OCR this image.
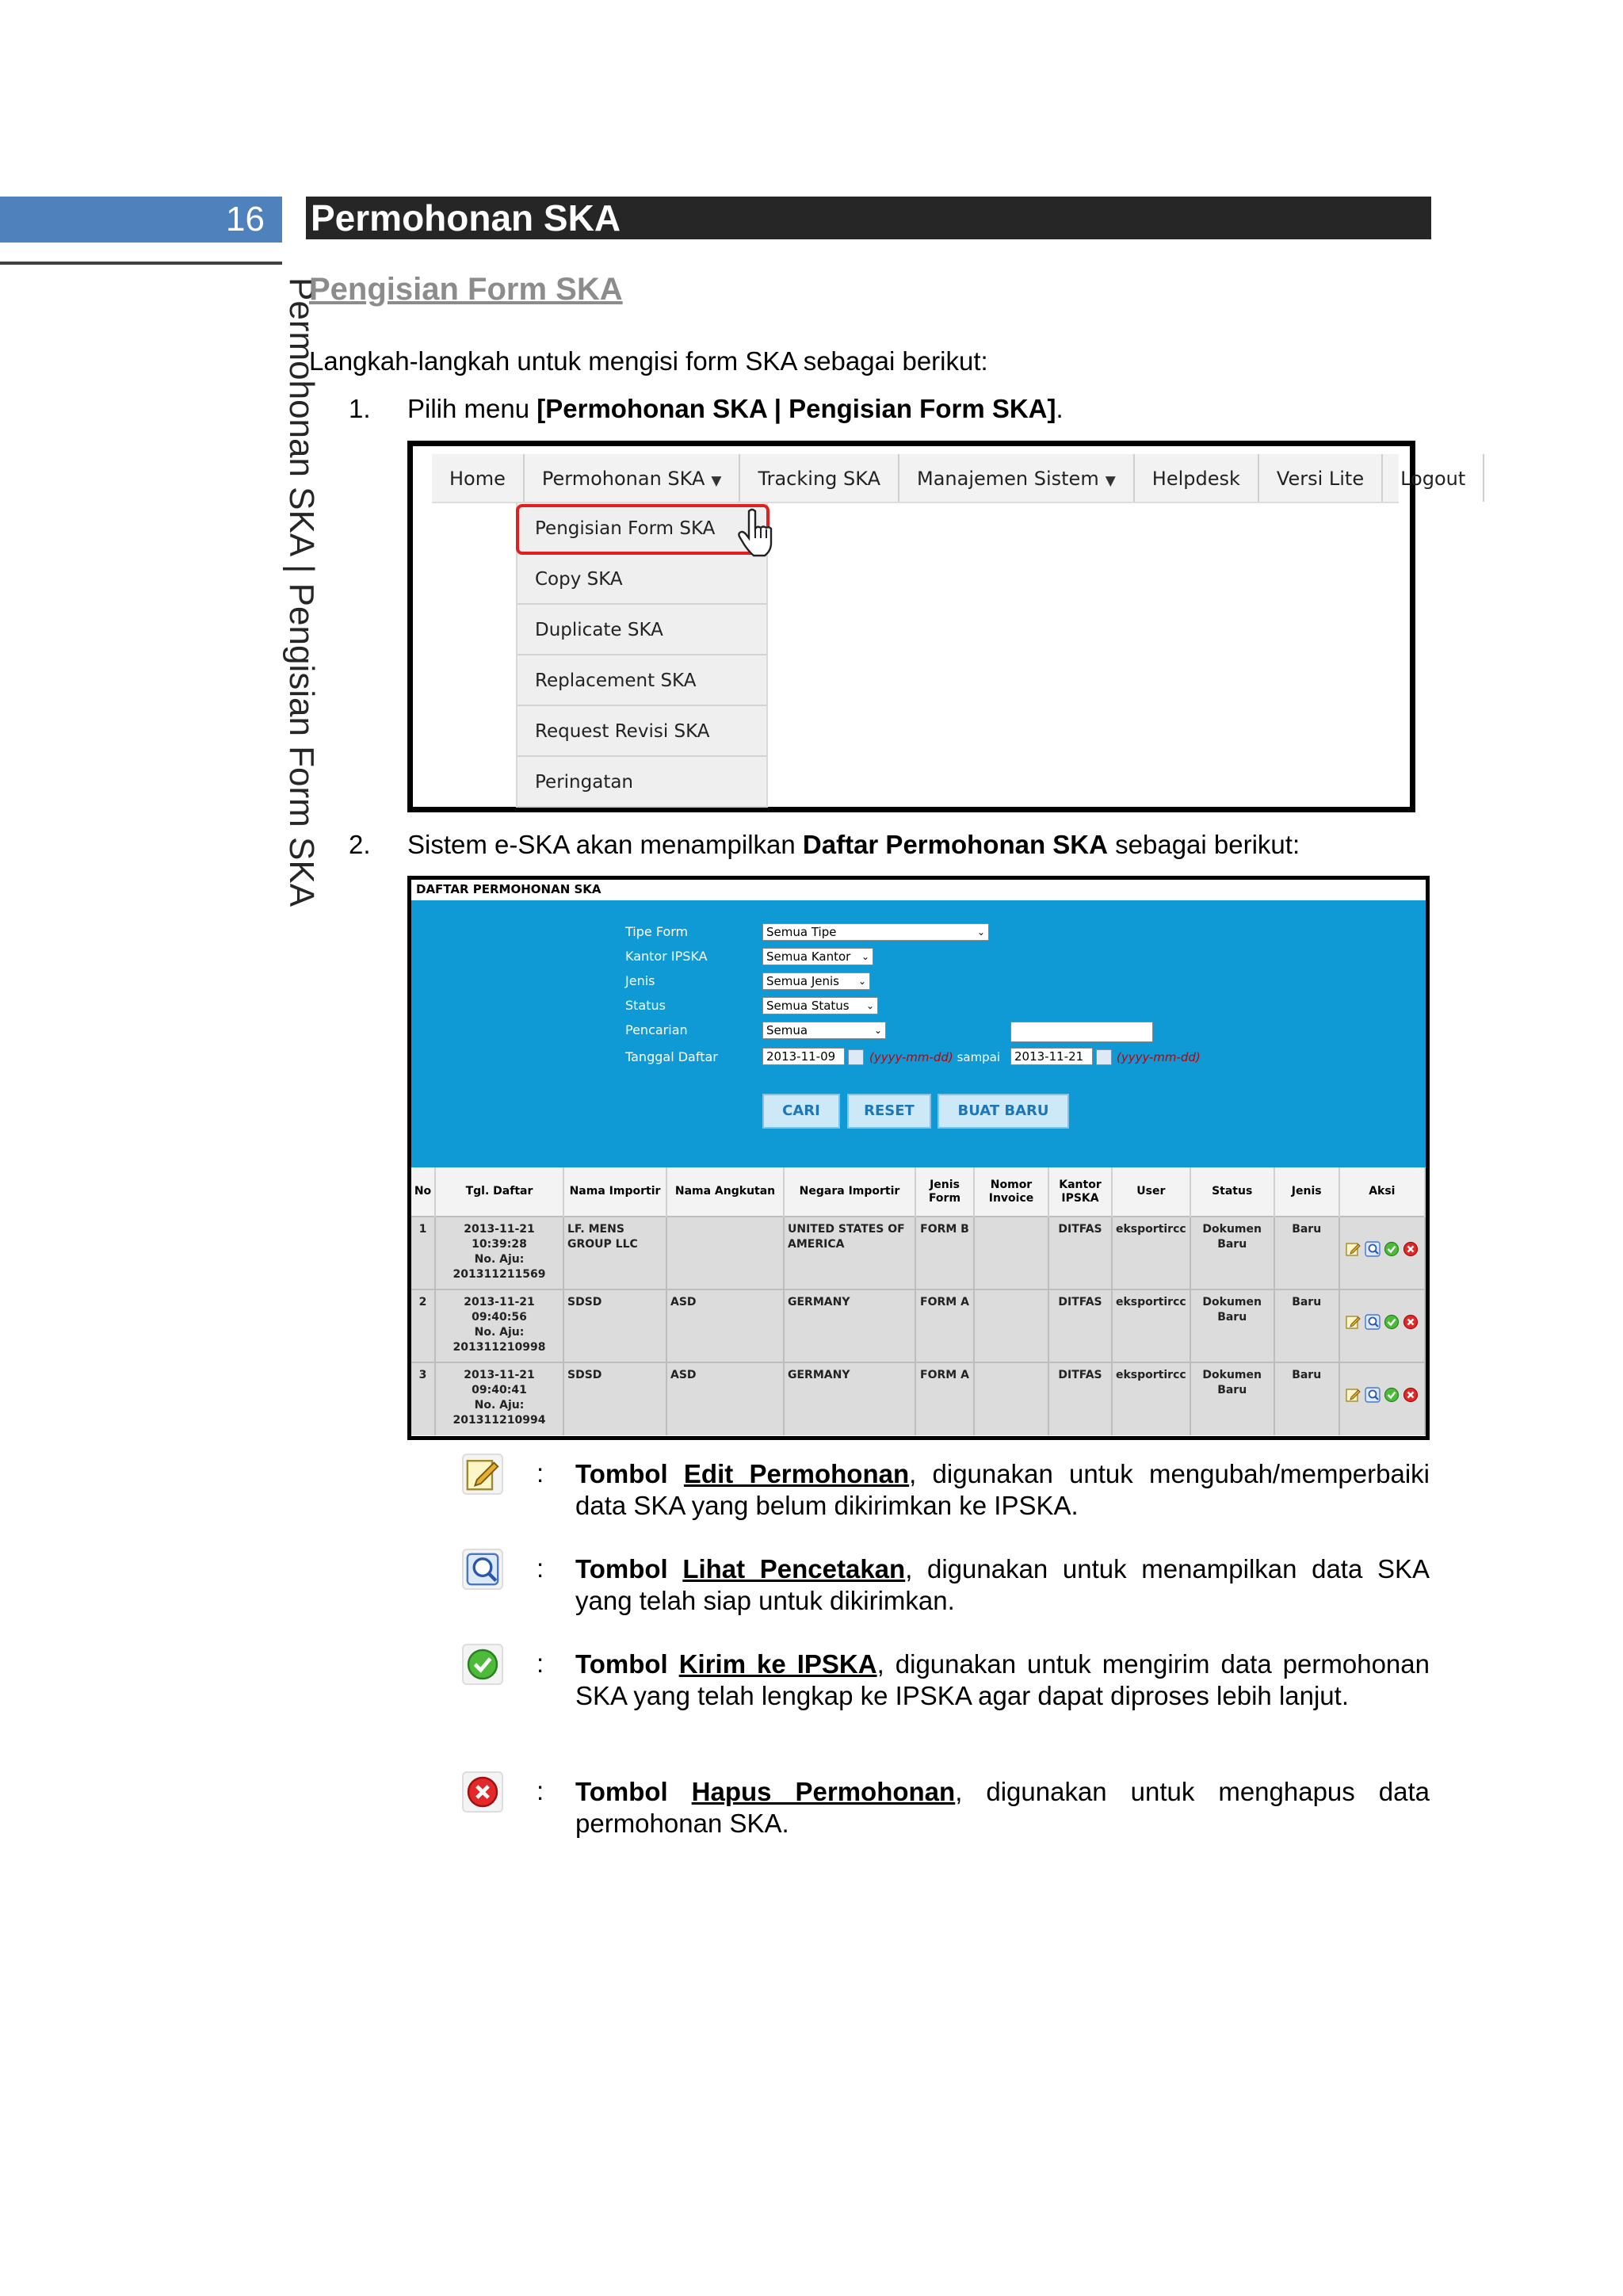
16	Permohonan SKA
Permohonan SKA | Pengisian Form SKA
Pengisian Form SKA
Langkah-langkah untuk mengisi form SKA sebagai berikut:
1. Pilih menu [Permohonan SKA | Pengisian Form SKA].
Home	Permohonan SKA ▼	Tracking SKA	Manajemen Sistem ▼	Helpdesk	Versi Lite	Logout
Pengisian Form SKA
Copy SKA
Duplicate SKA
Replacement SKA
Request Revisi SKA
Peringatan
2. Sistem e-SKA akan menampilkan Daftar Permohonan SKA sebagai berikut:
DAFTAR PERMOHONAN SKA
Tipe Form	Semua Tipe	⌄
Kantor IPSKA	Semua Kantor ⌄
Jenis	Semua Jenis ⌄
Status	Semua Status ⌄
Pencarian	Semua	⌄
Tanggal Daftar	2013-11-09	(yyyy-mm-dd) sampai	2013-11-21	(yyyy-mm-dd)
CARI	RESET	BUAT BARU
No	Tgl. Daftar	Nama Importir	Nama Angkutan	Negara Importir	Jenis Form	Nomor Invoice	Kantor IPSKA	User	Status	Jenis	Aksi
1	2013-11-21
10:39:28
No. Aju:
201311211569	LF. MENS GROUP LLC		UNITED STATES OF AMERICA	FORM B		DITFAS	eksportircc	Dokumen Baru	Baru	
2	2013-11-21
09:40:56
No. Aju:
201311210998	SDSD	ASD	GERMANY	FORM A		DITFAS	eksportircc	Dokumen Baru	Baru	
3	2013-11-21
09:40:41
No. Aju:
201311210994	SDSD	ASD	GERMANY	FORM A		DITFAS	eksportircc	Dokumen Baru	Baru	
: Tombol Edit Permohonan, digunakan untuk mengubah/memperbaiki data SKA yang belum dikirimkan ke IPSKA.
: Tombol Lihat Pencetakan, digunakan untuk menampilkan data SKA yang telah siap untuk dikirimkan.
: Tombol Kirim ke IPSKA, digunakan untuk mengirim data permohonan SKA yang telah lengkap ke IPSKA agar dapat diproses lebih lanjut.
: Tombol Hapus Permohonan, digunakan untuk menghapus data permohonan SKA.
